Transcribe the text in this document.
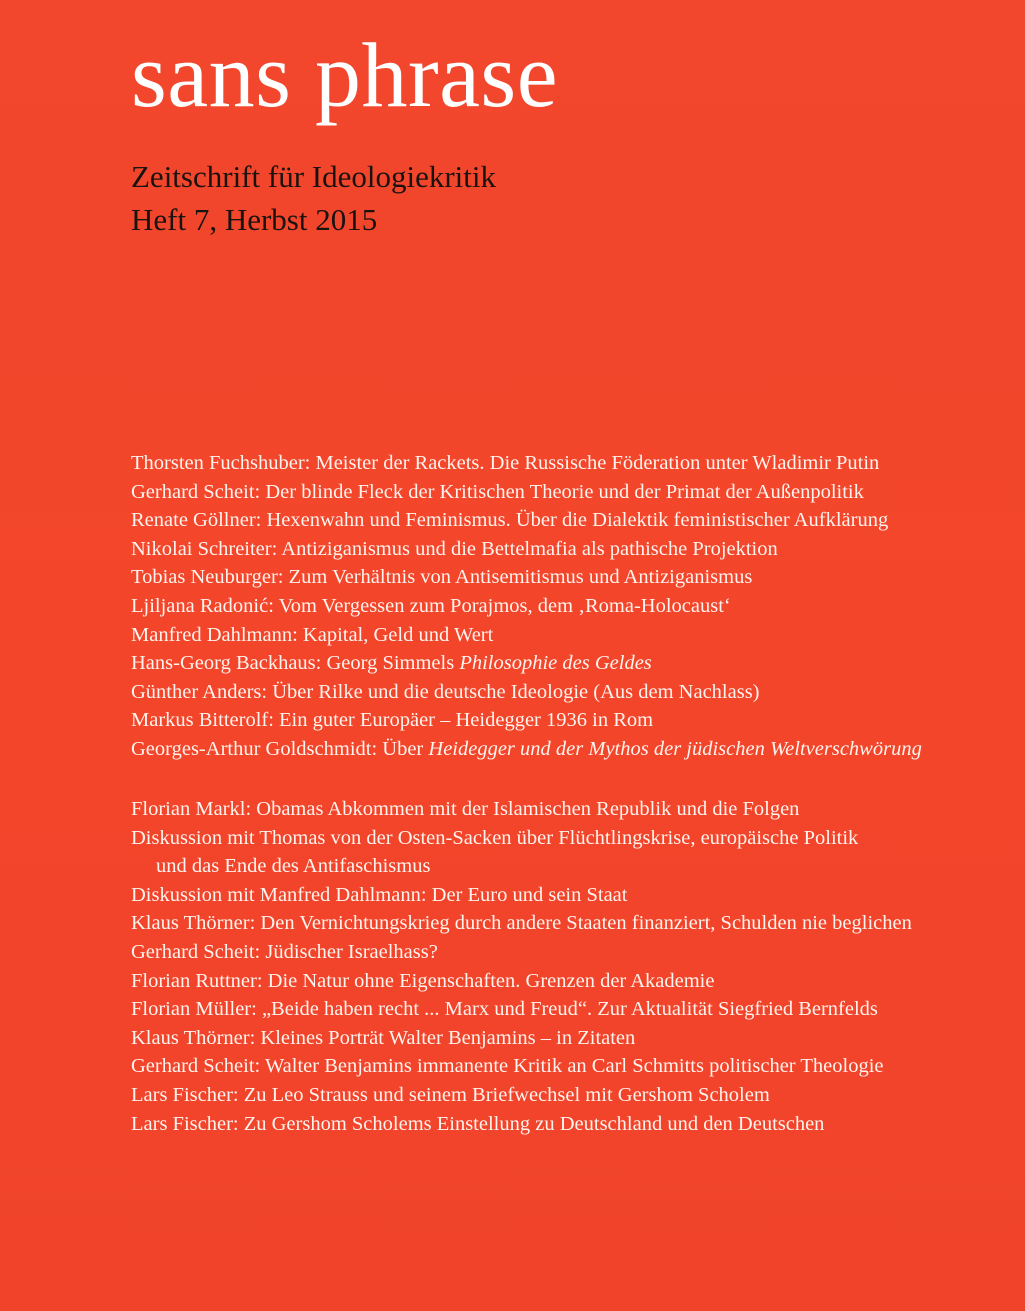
sans phrase
Zeitschrift für Ideologiekritik
Heft 7, Herbst 2015
Thorsten Fuchshuber: Meister der Rackets. Die Russische Föderation unter Wladimir Putin
Gerhard Scheit: Der blinde Fleck der Kritischen Theorie und der Primat der Außenpolitik
Renate Göllner: Hexenwahn und Feminismus. Über die Dialektik feministischer Aufklärung
Nikolai Schreiter: Antiziganismus und die Bettelmafia als pathische Projektion
Tobias Neuburger: Zum Verhältnis von Antisemitismus und Antiziganismus
Ljiljana Radonić: Vom Vergessen zum Porajmos, dem ‚Roma-Holocaust‘
Manfred Dahlmann: Kapital, Geld und Wert
Hans-Georg Backhaus: Georg Simmels Philosophie des Geldes
Günther Anders: Über Rilke und die deutsche Ideologie (Aus dem Nachlass)
Markus Bitterolf: Ein guter Europäer – Heidegger 1936 in Rom
Georges-Arthur Goldschmidt: Über Heidegger und der Mythos der jüdischen Weltverschwörung
Florian Markl: Obamas Abkommen mit der Islamischen Republik und die Folgen
Diskussion mit Thomas von der Osten-Sacken über Flüchtlingskrise, europäische Politik
und das Ende des Antifaschismus
Diskussion mit Manfred Dahlmann: Der Euro und sein Staat
Klaus Thörner: Den Vernichtungskrieg durch andere Staaten finanziert, Schulden nie beglichen
Gerhard Scheit: Jüdischer Israelhass?
Florian Ruttner: Die Natur ohne Eigenschaften. Grenzen der Akademie
Florian Müller: „Beide haben recht ... Marx und Freud“. Zur Aktualität Siegfried Bernfelds
Klaus Thörner: Kleines Porträt Walter Benjamins – in Zitaten
Gerhard Scheit: Walter Benjamins immanente Kritik an Carl Schmitts politischer Theologie
Lars Fischer: Zu Leo Strauss und seinem Briefwechsel mit Gershom Scholem
Lars Fischer: Zu Gershom Scholems Einstellung zu Deutschland und den Deutschen
